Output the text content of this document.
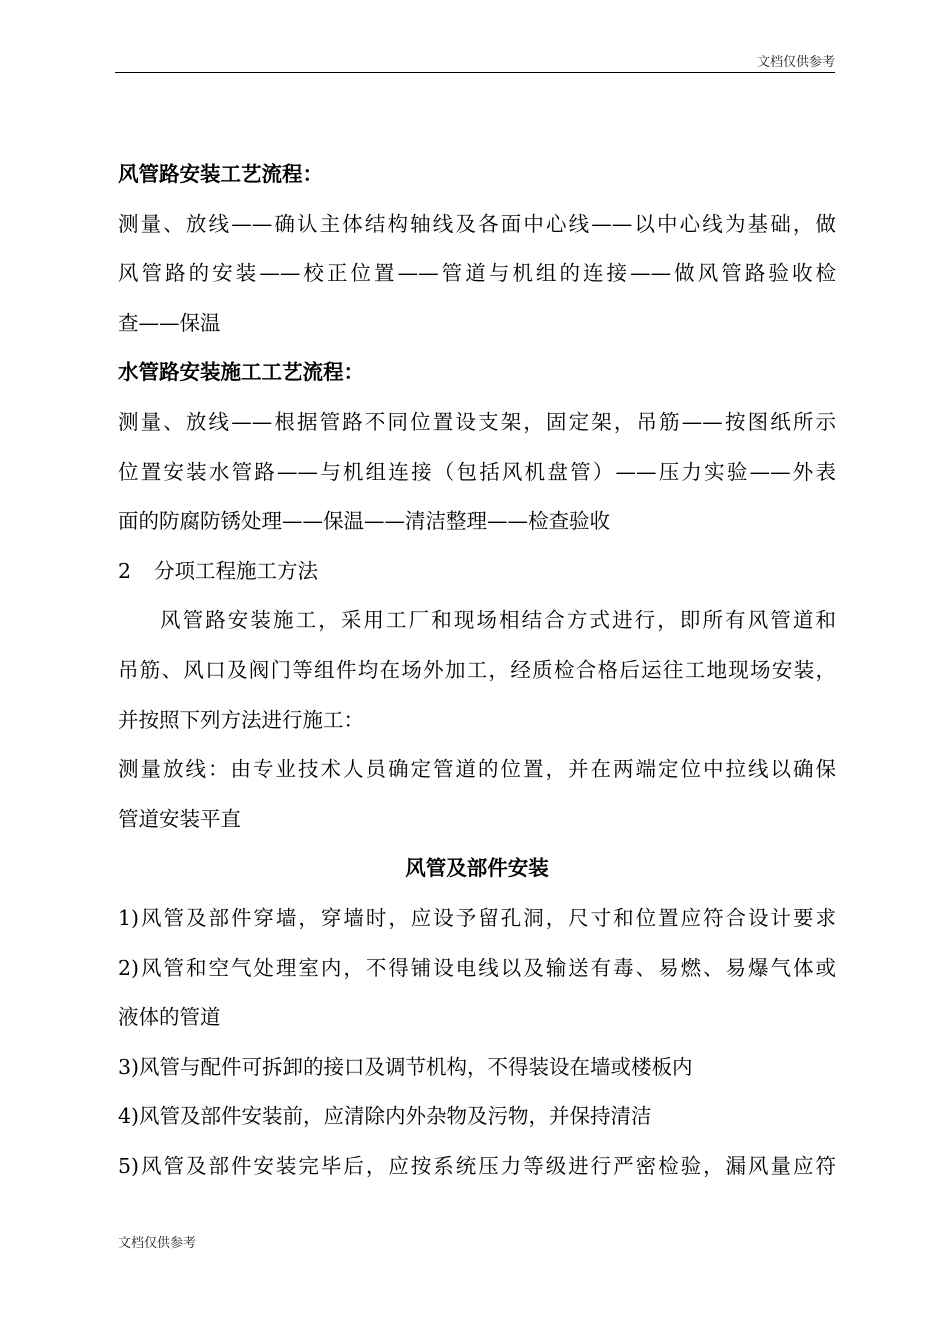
文档仅供参考
风管路安装工艺流程：
测量、放线——确认主体结构轴线及各面中心线——以中心线为基础，做
风管路的安装——校正位置——管道与机组的连接——做风管路验收检
查——保温
水管路安装施工工艺流程：
测量、放线——根据管路不同位置设支架，固定架，吊筋——按图纸所示
位置安装水管路——与机组连接（包括风机盘管）——压力实验——外表
面的防腐防锈处理——保温——清洁整理——检查验收
2 分项工程施工方法
风管路安装施工，采用工厂和现场相结合方式进行，即所有风管道和
吊筋、风口及阀门等组件均在场外加工，经质检合格后运往工地现场安装，
并按照下列方法进行施工：
测量放线：由专业技术人员确定管道的位置，并在两端定位中拉线以确保
管道安装平直
风管及部件安装
1)风管及部件穿墙，穿墙时，应设予留孔洞，尺寸和位置应符合设计要求
2)风管和空气处理室内，不得铺设电线以及输送有毒、易燃、易爆气体或
液体的管道
3)风管与配件可拆卸的接口及调节机构，不得装设在墙或楼板内
4)风管及部件安装前，应清除内外杂物及污物，并保持清洁
5)风管及部件安装完毕后，应按系统压力等级进行严密检验，漏风量应符
文档仅供参考
